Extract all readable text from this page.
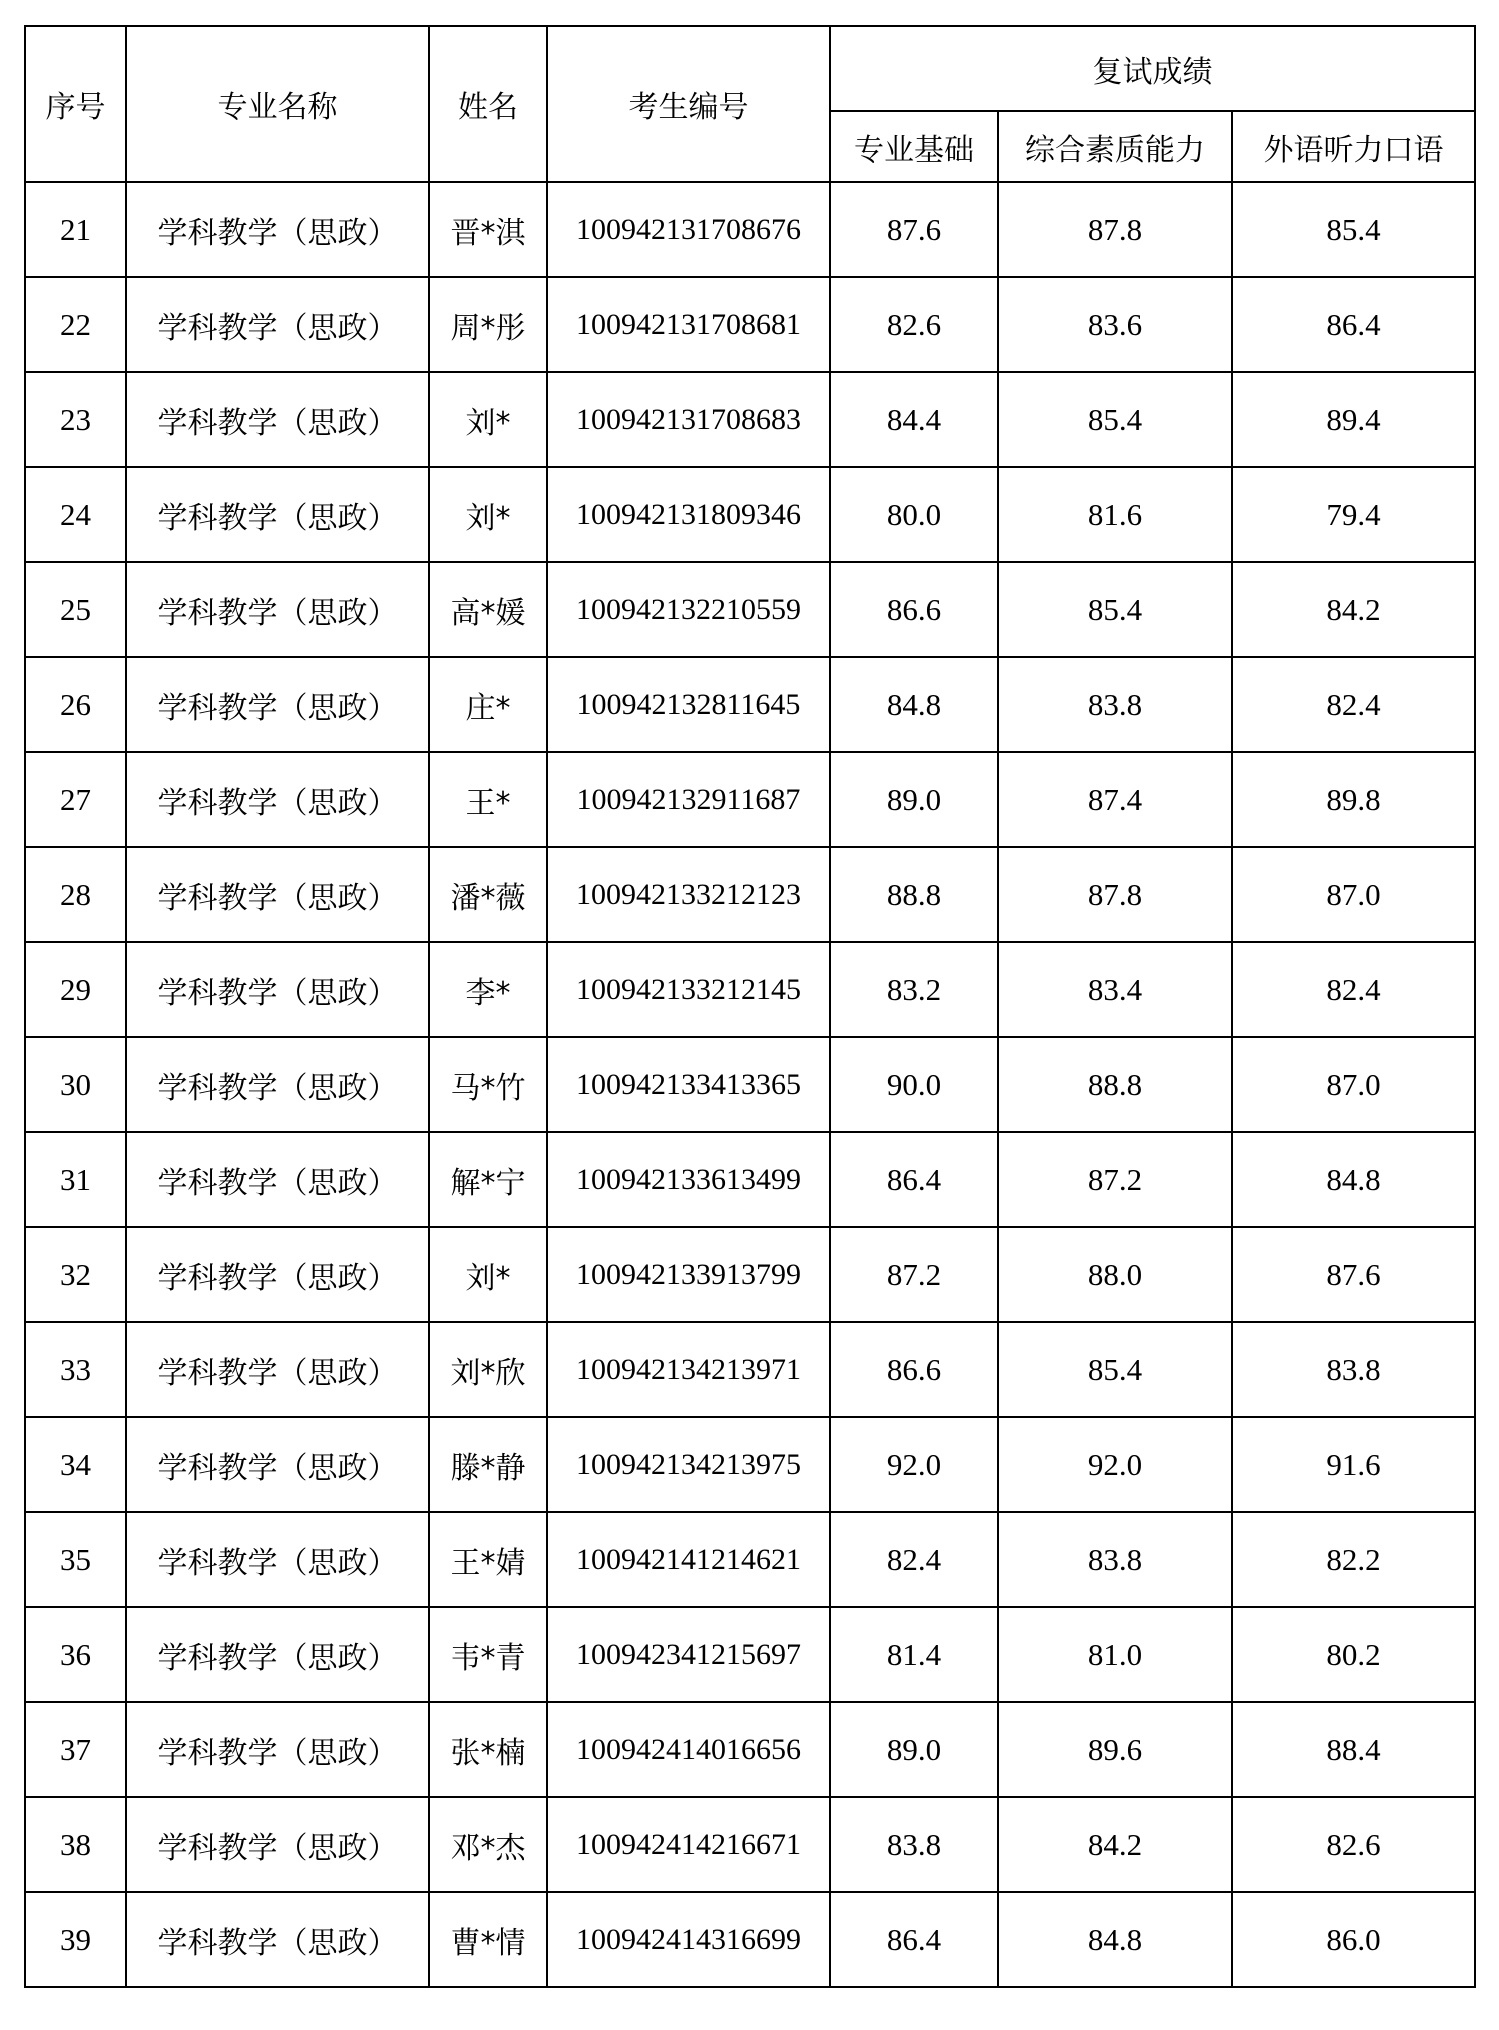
序号	专业名称	姓名	考生编号	复试成绩		
				专业基础	综合素质能力	外语听力口语
21	学科教学（思政）	晋*淇	100942131708676	87.6	87.8	85.4
22	学科教学（思政）	周*彤	100942131708681	82.6	83.6	86.4
23	学科教学（思政）	刘*	100942131708683	84.4	85.4	89.4
24	学科教学（思政）	刘*	100942131809346	80.0	81.6	79.4
25	学科教学（思政）	高*媛	100942132210559	86.6	85.4	84.2
26	学科教学（思政）	庄*	100942132811645	84.8	83.8	82.4
27	学科教学（思政）	王*	100942132911687	89.0	87.4	89.8
28	学科教学（思政）	潘*薇	100942133212123	88.8	87.8	87.0
29	学科教学（思政）	李*	100942133212145	83.2	83.4	82.4
30	学科教学（思政）	马*竹	100942133413365	90.0	88.8	87.0
31	学科教学（思政）	解*宁	100942133613499	86.4	87.2	84.8
32	学科教学（思政）	刘*	100942133913799	87.2	88.0	87.6
33	学科教学（思政）	刘*欣	100942134213971	86.6	85.4	83.8
34	学科教学（思政）	滕*静	100942134213975	92.0	92.0	91.6
35	学科教学（思政）	王*婧	100942141214621	82.4	83.8	82.2
36	学科教学（思政）	韦*青	100942341215697	81.4	81.0	80.2
37	学科教学（思政）	张*楠	100942414016656	89.0	89.6	88.4
38	学科教学（思政）	邓*杰	100942414216671	83.8	84.2	82.6
39	学科教学（思政）	曹*情	100942414316699	86.4	84.8	86.0
